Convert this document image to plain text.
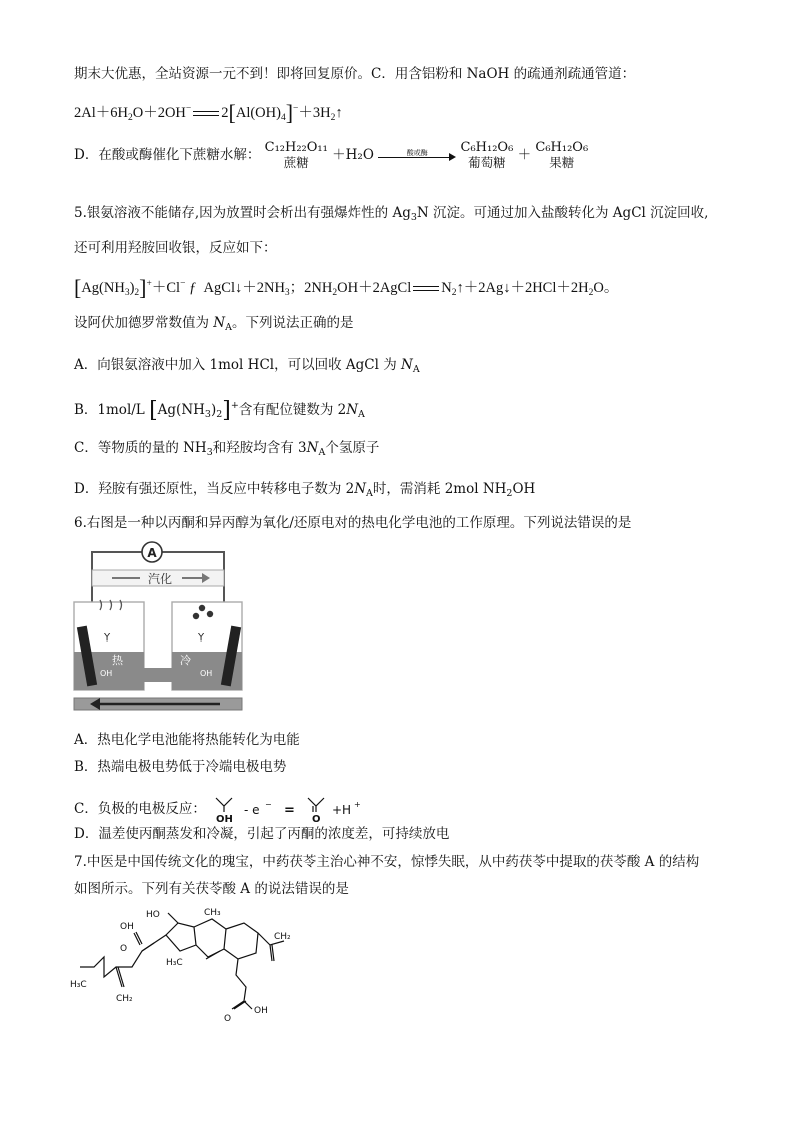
期末大优惠，全站资源一元不到！即将回复原价。C．用含铝粉和 NaOH 的疏通剂疏通管道：
$2Al+6H_2O+2OH^-$ $2[Al(OH)_4]^-+3H_2↑$
D．在酸或酶催化下蔗糖水解： C₁₂H₂₂O₁₁
蔗糖	＋H₂O	酸或酶
	C₆H₁₂O₆
葡萄糖 ＋ C₆H₁₂O₆
果糖
5.银氨溶液不能储存,因为放置时会析出有强爆炸性的 $Ag_3N$ 沉淀。可通过加入盐酸转化为 AgCl 沉淀回收,
还可利用羟胺回收银，反应如下：
$[Ag(NH_3)_2]^++Cl^-$ ƒ $AgCl↓+2NH_3$；$2NH_2OH+2AgCl$ $N_2↑+2Ag↓+2HCl+2H_2O$。
设阿伏加德罗常数值为 $N_A$。下列说法正确的是
A．向银氨溶液中加入 1mol HCl，可以回收 AgCl 为 $N_A$
B．1mol/L $[Ag(NH_3)_2]^+$含有配位键数为 $2N_A$
C．等物质的量的 $NH_3$和羟胺均含有 $3N_A$个氢原子
D．羟胺有强还原性，当反应中转移电子数为 $2N_A$时，需消耗 2mol $NH_2OH$
6.右图是一种以丙酮和异丙醇为氧化/还原电对的热电化学电池的工作原理。下列说法错误的是
A
汽化
Ỵ	Ỵ
热	冷
OH	OH
A．热电化学电池能将热能转化为电能
B．热端电极电势低于冷端电极电势
C．负极的电极反应：
OH
- e − =
O
+H +
D．温差使丙酮蒸发和冷凝，引起了丙酮的浓度差，可持续放电
7.中医是中国传统文化的瑰宝，中药茯苓主治心神不安，惊悸失眠，从中药茯苓中提取的茯苓酸 A 的结构
如图所示。下列有关茯苓酸 A 的说法错误的是
HO
OH
O
CH₃
H₃C
CH₂
H₃C
CH₂
OH
O
